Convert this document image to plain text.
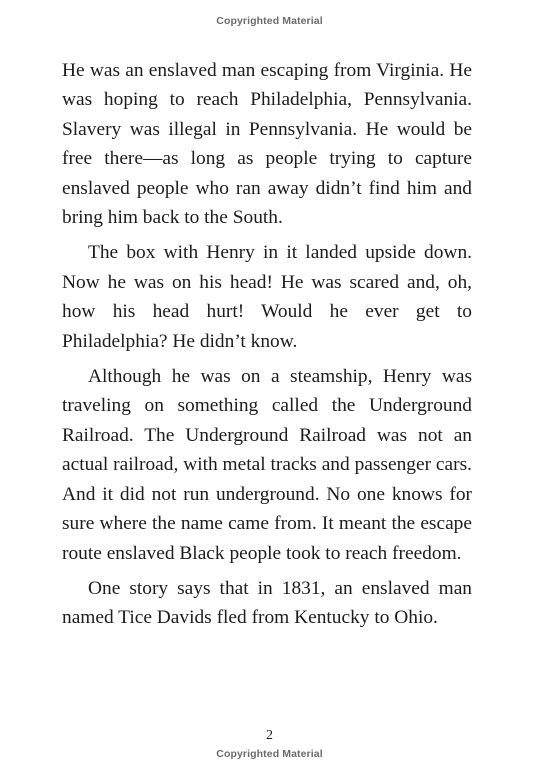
Copyrighted Material

He was an enslaved man escaping from Virginia. He was hoping to reach Philadelphia, Pennsylvania. Slavery was illegal in Pennsylvania. He would be free there—as long as people trying to capture enslaved people who ran away didn’t find him and bring him back to the South.

The box with Henry in it landed upside down. Now he was on his head! He was scared and, oh, how his head hurt! Would he ever get to Philadelphia? He didn’t know.

Although he was on a steamship, Henry was traveling on something called the Underground Railroad. The Underground Railroad was not an actual railroad, with metal tracks and passenger cars. And it did not run underground. No one knows for sure where the name came from. It meant the escape route enslaved Black people took to reach freedom.

One story says that in 1831, an enslaved man named Tice Davids fled from Kentucky to Ohio.

2
Copyrighted Material
